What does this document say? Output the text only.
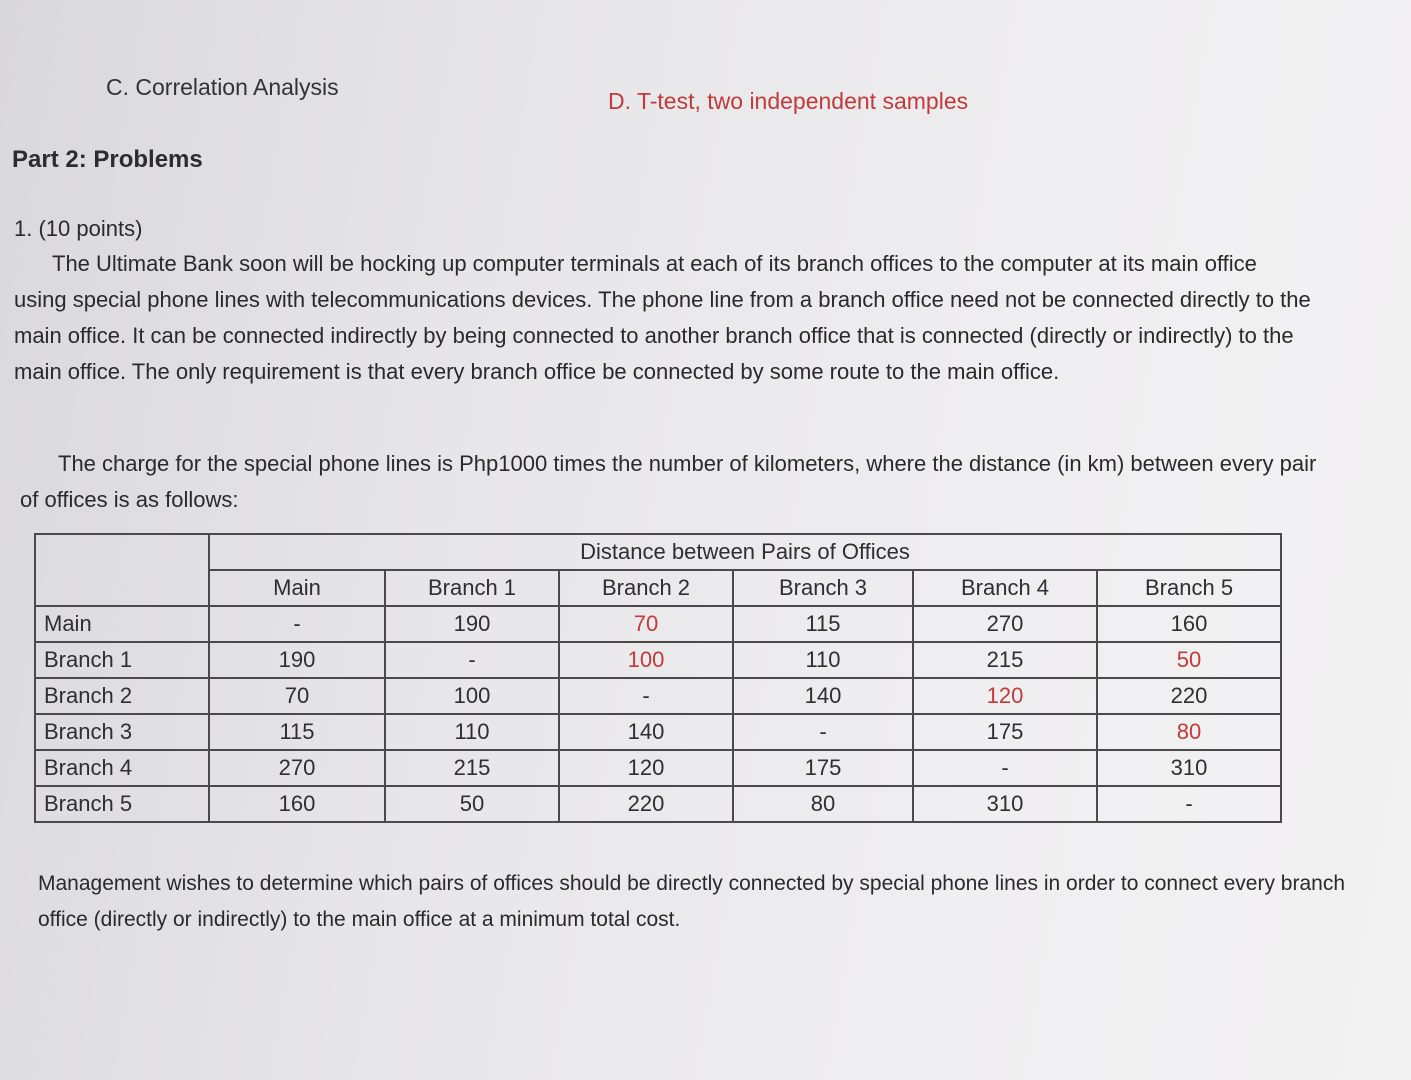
C. Correlation Analysis
D. T-test, two independent samples
Part 2: Problems
1. (10 points)

The Ultimate Bank soon will be hocking up computer terminals at each of its branch offices to the computer at its main office using special phone lines with telecommunications devices. The phone line from a branch office need not be connected directly to the main office. It can be connected indirectly by being connected to another branch office that is connected (directly or indirectly) to the main office. The only requirement is that every branch office be connected by some route to the main office.

The charge for the special phone lines is Php1000 times the number of kilometers, where the distance (in km) between every pair of offices is as follows:

	Distance between Pairs of Offices					
	Main	Branch 1	Branch 2	Branch 3	Branch 4	Branch 5
Main	-	190	70	115	270	160
Branch 1	190	-	100	110	215	50
Branch 2	70	100	-	140	120	220
Branch 3	115	110	140	-	175	80
Branch 4	270	215	120	175	-	310
Branch 5	160	50	220	80	310	-

Management wishes to determine which pairs of offices should be directly connected by special phone lines in order to connect every branch office (directly or indirectly) to the main office at a minimum total cost.
